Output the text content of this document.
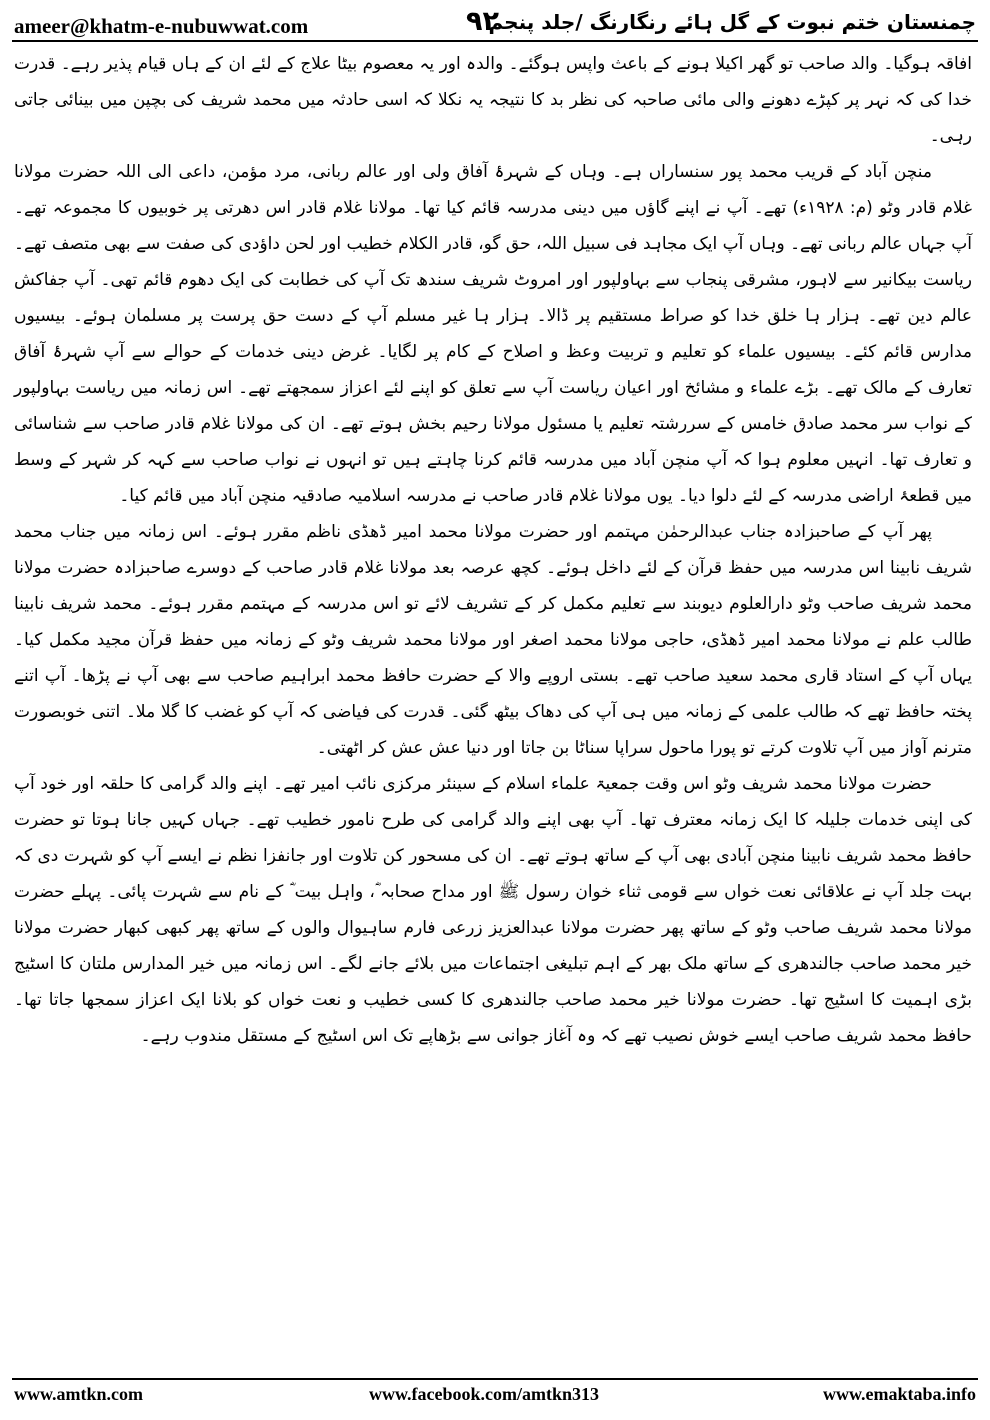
ameer@khatm-e-nubuwwat.com	۹۲
چمنستان ختم نبوت کے گل ہائے رنگارنگ /جلد پنجم

افاقہ ہوگیا۔ والد صاحب تو گھر اکیلا ہونے کے باعث واپس ہوگئے۔ والدہ اور یہ معصوم بیٹا علاج کے لئے ان کے ہاں قیام پذیر رہے۔ قدرت خدا کی کہ نہر پر کپڑے دھونے والی مائی صاحبہ کی نظر بد کا نتیجہ یہ نکلا کہ اسی حادثہ میں محمد شریف کی بچپن میں بینائی جاتی رہی۔

منچن آباد کے قریب محمد پور سنساراں ہے۔ وہاں کے شہرۂ آفاق ولی اور عالم ربانی، مرد مؤمن، داعی الی اللہ حضرت مولانا غلام قادر وٹو (م: ۱۹۲۸ء) تھے۔ آپ نے اپنے گاؤں میں دینی مدرسہ قائم کیا تھا۔ مولانا غلام قادر اس دھرتی پر خوبیوں کا مجموعہ تھے۔ آپ جہاں عالم ربانی تھے۔ وہاں آپ ایک مجاہد فی سبیل اللہ، حق گو، قادر الکلام خطیب اور لحن داؤدی کی صفت سے بھی متصف تھے۔ ریاست بیکانیر سے لاہور، مشرقی پنجاب سے بہاولپور اور امروٹ شریف سندھ تک آپ کی خطابت کی ایک دھوم قائم تھی۔ آپ جفاکش عالم دین تھے۔ ہزار ہا خلق خدا کو صراط مستقیم پر ڈالا۔ ہزار ہا غیر مسلم آپ کے دست حق پرست پر مسلمان ہوئے۔ بیسیوں مدارس قائم کئے۔ بیسیوں علماء کو تعلیم و تربیت وعظ و اصلاح کے کام پر لگایا۔ غرض دینی خدمات کے حوالے سے آپ شہرۂ آفاق تعارف کے مالک تھے۔ بڑے علماء و مشائخ اور اعیان ریاست آپ سے تعلق کو اپنے لئے اعزاز سمجھتے تھے۔ اس زمانہ میں ریاست بہاولپور کے نواب سر محمد صادق خامس کے سررشتہ تعلیم یا مسئول مولانا رحیم بخش ہوتے تھے۔ ان کی مولانا غلام قادر صاحب سے شناسائی و تعارف تھا۔ انہیں معلوم ہوا کہ آپ منچن آباد میں مدرسہ قائم کرنا چاہتے ہیں تو انہوں نے نواب صاحب سے کہہ کر شہر کے وسط میں قطعۂ اراضی مدرسہ کے لئے دلوا دیا۔ یوں مولانا غلام قادر صاحب نے مدرسہ اسلامیہ صادقیہ منچن آباد میں قائم کیا۔

پھر آپ کے صاحبزادہ جناب عبدالرحمٰن مہتمم اور حضرت مولانا محمد امیر ڈھڈی ناظم مقرر ہوئے۔ اس زمانہ میں جناب محمد شریف نابینا اس مدرسہ میں حفظ قرآن کے لئے داخل ہوئے۔ کچھ عرصہ بعد مولانا غلام قادر صاحب کے دوسرے صاحبزادہ حضرت مولانا محمد شریف صاحب وٹو دارالعلوم دیوبند سے تعلیم مکمل کر کے تشریف لائے تو اس مدرسہ کے مہتمم مقرر ہوئے۔ محمد شریف نابینا طالب علم نے مولانا محمد امیر ڈھڈی، حاجی مولانا محمد اصغر اور مولانا محمد شریف وٹو کے زمانہ میں حفظ قرآن مجید مکمل کیا۔ یہاں آپ کے استاد قاری محمد سعید صاحب تھے۔ بستی اروپے والا کے حضرت حافظ محمد ابراہیم صاحب سے بھی آپ نے پڑھا۔ آپ اتنے پختہ حافظ تھے کہ طالب علمی کے زمانہ میں ہی آپ کی دھاک بیٹھ گئی۔ قدرت کی فیاضی کہ آپ کو غضب کا گلا ملا۔ اتنی خوبصورت مترنم آواز میں آپ تلاوت کرتے تو پورا ماحول سراپا سناٹا بن جاتا اور دنیا عش عش کر اٹھتی۔

حضرت مولانا محمد شریف وٹو اس وقت جمعیۃ علماء اسلام کے سینئر مرکزی نائب امیر تھے۔ اپنے والد گرامی کا حلقہ اور خود آپ کی اپنی خدمات جلیلہ کا ایک زمانہ معترف تھا۔ آپ بھی اپنے والد گرامی کی طرح نامور خطیب تھے۔ جہاں کہیں جانا ہوتا تو حضرت حافظ محمد شریف نابینا منچن آبادی بھی آپ کے ساتھ ہوتے تھے۔ ان کی مسحور کن تلاوت اور جانفزا نظم نے ایسے آپ کو شہرت دی کہ بہت جلد آپ نے علاقائی نعت خواں سے قومی ثناء خوان رسول ﷺ اور مداح صحابہ ؓ، واہل بیت ؓ کے نام سے شہرت پائی۔ پہلے حضرت مولانا محمد شریف صاحب وٹو کے ساتھ پھر حضرت مولانا عبدالعزیز زرعی فارم ساہیوال والوں کے ساتھ پھر کبھی کبھار حضرت مولانا خیر محمد صاحب جالندھری کے ساتھ ملک بھر کے اہم تبلیغی اجتماعات میں بلائے جانے لگے۔ اس زمانہ میں خیر المدارس ملتان کا اسٹیج بڑی اہمیت کا اسٹیج تھا۔ حضرت مولانا خیر محمد صاحب جالندھری کا کسی خطیب و نعت خواں کو بلانا ایک اعزاز سمجھا جاتا تھا۔ حافظ محمد شریف صاحب ایسے خوش نصیب تھے کہ وہ آغاز جوانی سے بڑھاپے تک اس اسٹیج کے مستقل مندوب رہے۔

www.amtkn.com	www.facebook.com/amtkn313	www.emaktaba.info
